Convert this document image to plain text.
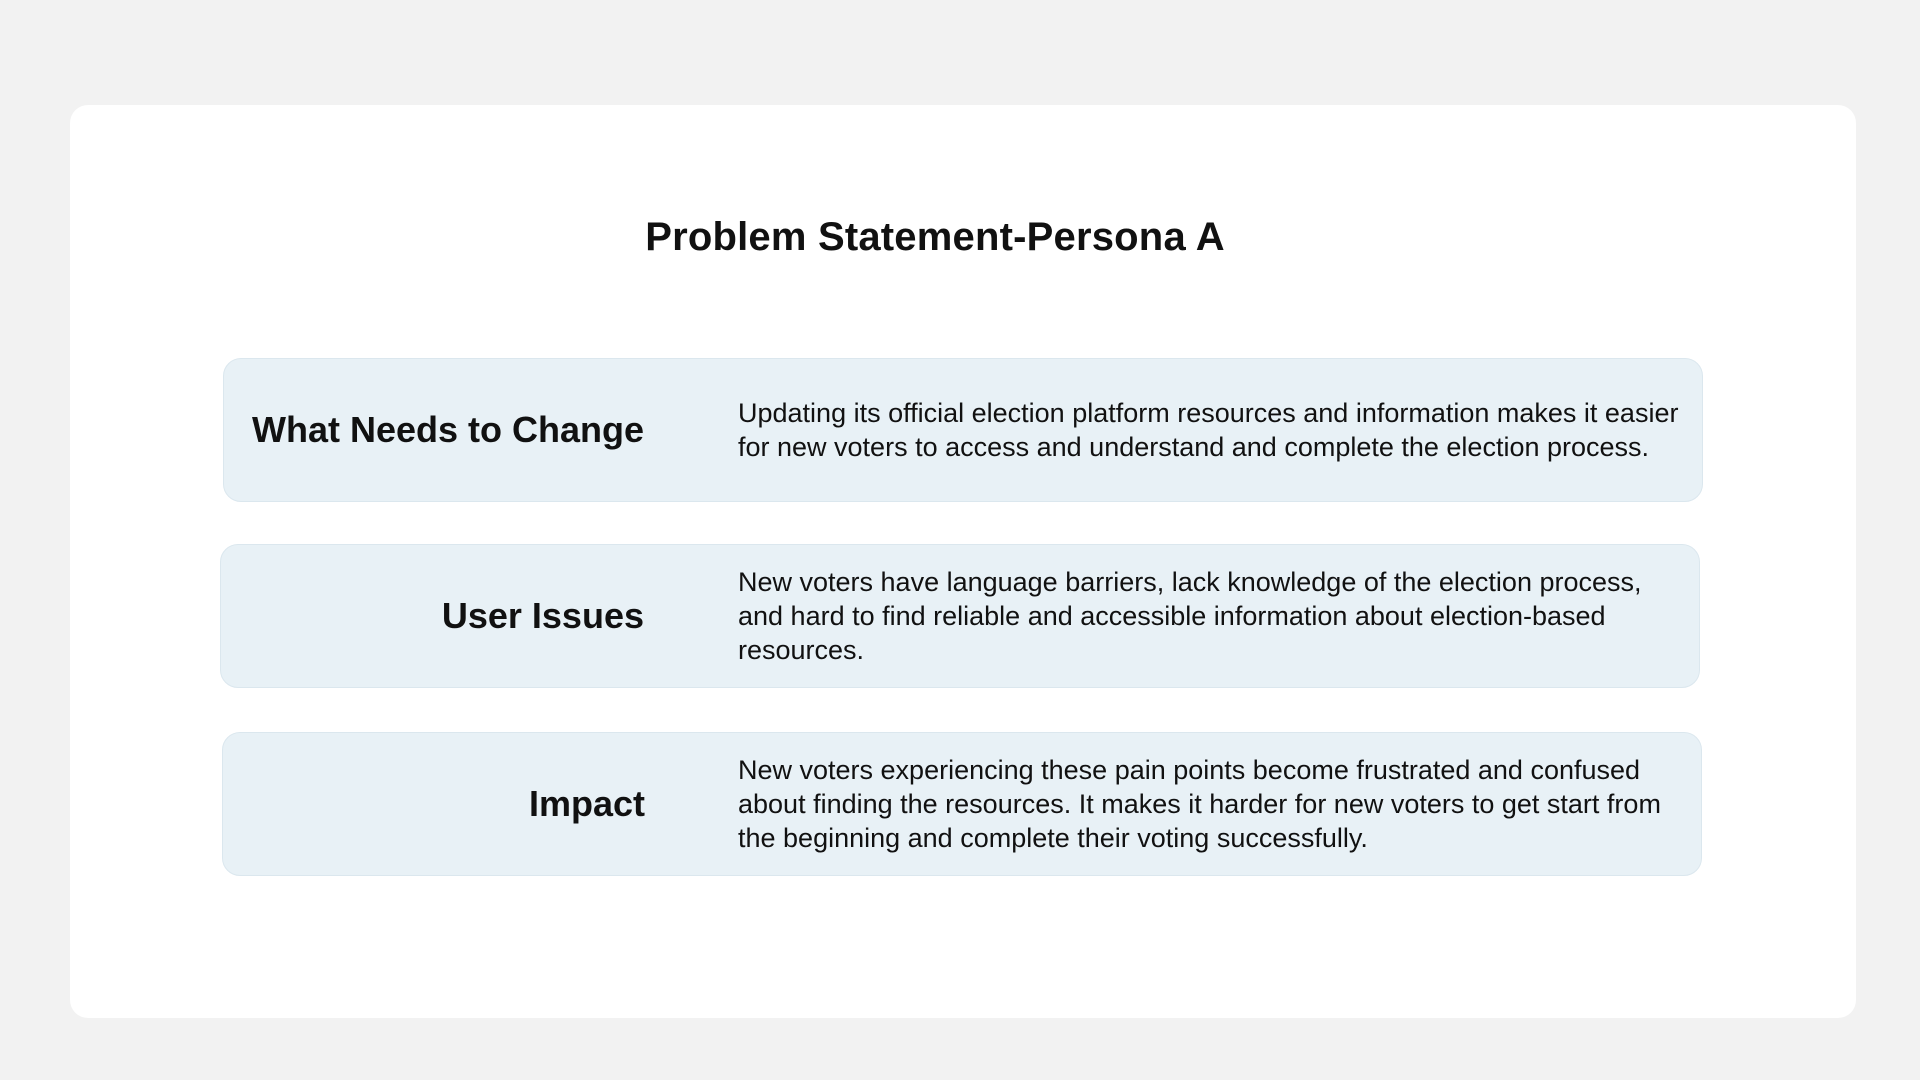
Problem Statement-Persona A
What Needs to Change	Updating its official election platform resources and information makes it easier for new voters to access and understand and complete the election process.
User Issues
New voters have language barriers, lack knowledge of the election process, and hard to find reliable and accessible information about election-based resources.
Impact
New voters experiencing these pain points become frustrated and confused about finding the resources. It makes it harder for new voters to get start from the beginning and complete their voting successfully.
